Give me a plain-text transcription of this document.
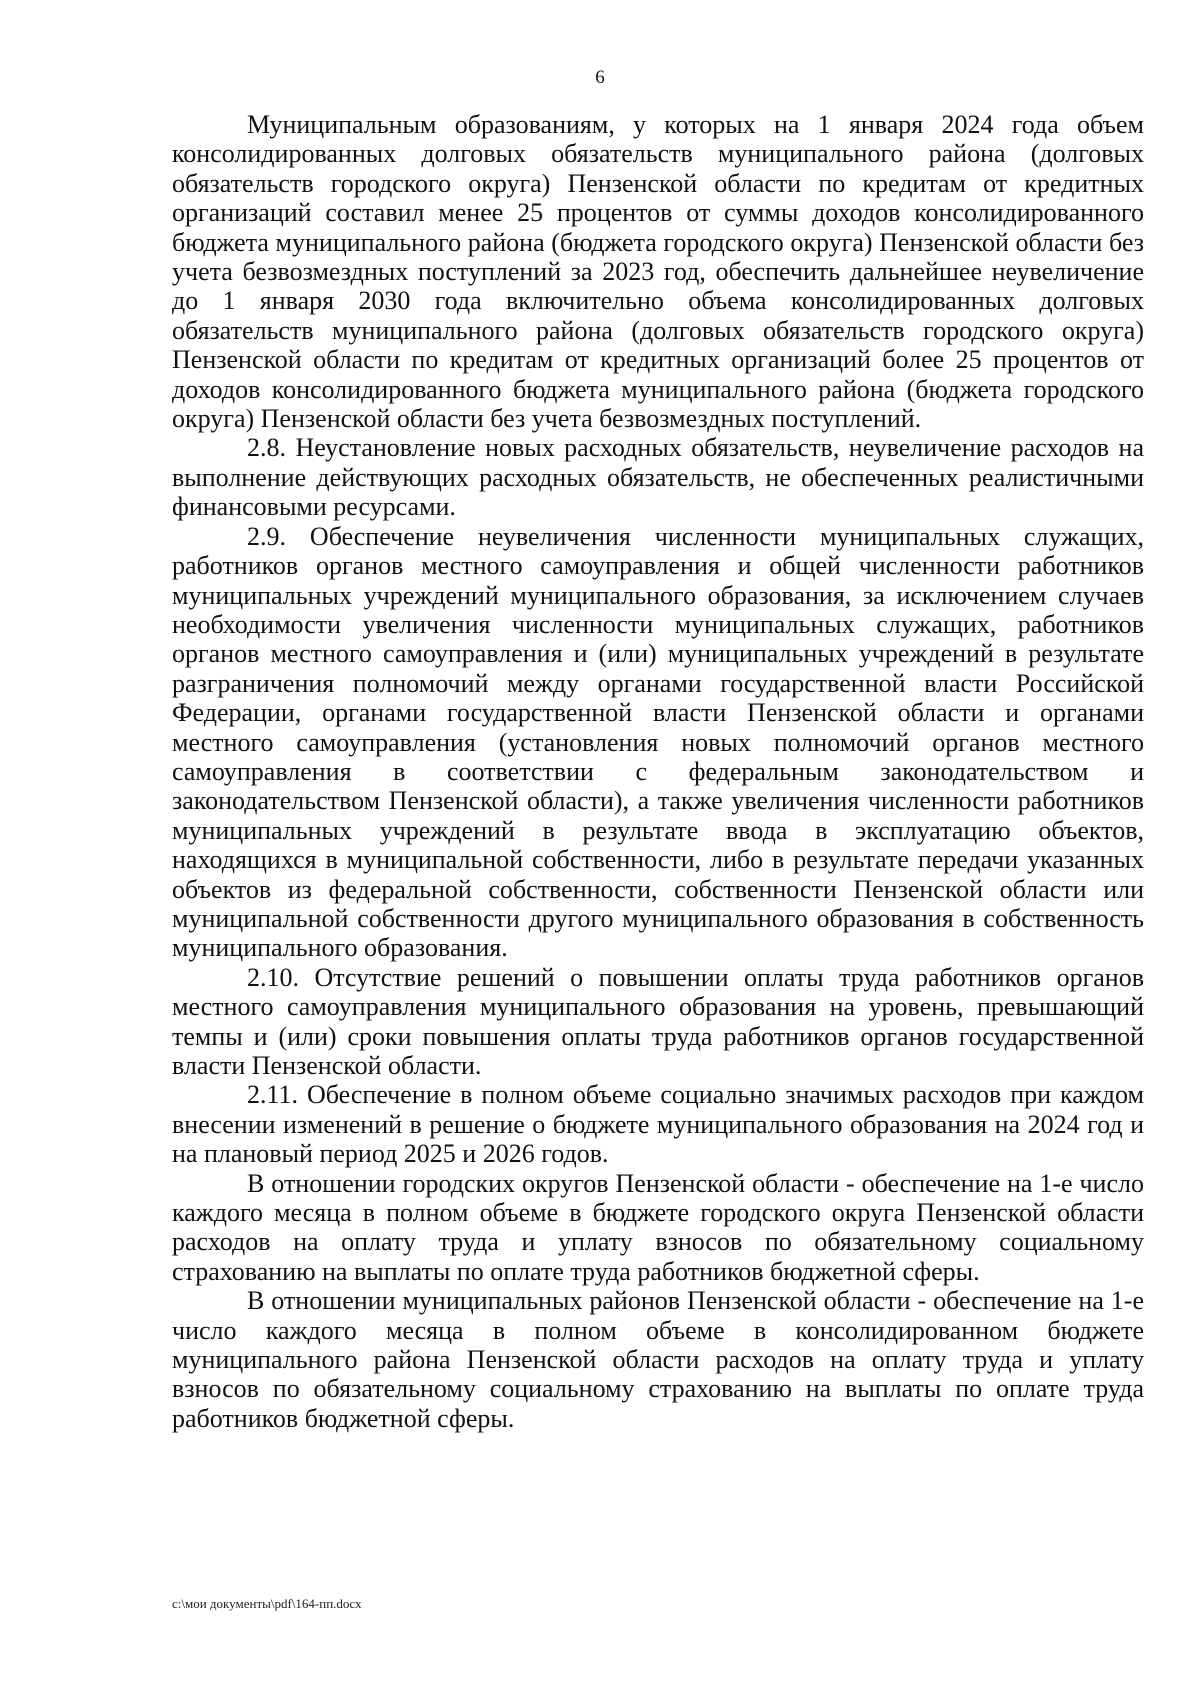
6

Муниципальным образованиям, у которых на 1 января 2024 года объем консолидированных долговых обязательств муниципального района (долговых обязательств городского округа) Пензенской области по кредитам от кредитных организаций составил менее 25 процентов от суммы доходов консолидированного бюджета муниципального района (бюджета городского округа) Пензенской области без учета безвозмездных поступлений за 2023 год, обеспечить дальнейшее неувеличение до 1 января 2030 года включительно объема консолидированных долговых обязательств муниципального района (долговых обязательств городского округа) Пензенской области по кредитам от кредитных организаций более 25 процентов от доходов консолидированного бюджета муниципального района (бюджета городского округа) Пензенской области без учета безвозмездных поступлений.

2.8. Неустановление новых расходных обязательств, неувеличение расходов на выполнение действующих расходных обязательств, не обеспеченных реалистичными финансовыми ресурсами.

2.9. Обеспечение неувеличения численности муниципальных служащих, работников органов местного самоуправления и общей численности работников муниципальных учреждений муниципального образования, за исключением случаев необходимости увеличения численности муниципальных служащих, работников органов местного самоуправления и (или) муниципальных учреждений в результате разграничения полномочий между органами государственной власти Российской Федерации, органами государственной власти Пензенской области и органами местного самоуправления (установления новых полномочий органов местного самоуправления в соответствии с федеральным законодательством и законодательством Пензенской области), а также увеличения численности работников муниципальных учреждений в результате ввода в эксплуатацию объектов, находящихся в муниципальной собственности, либо в результате передачи указанных объектов из федеральной собственности, собственности Пензенской области или муниципальной собственности другого муниципального образования в собственность муниципального образования.

2.10. Отсутствие решений о повышении оплаты труда работников органов местного самоуправления муниципального образования на уровень, превышающий темпы и (или) сроки повышения оплаты труда работников органов государственной власти Пензенской области.

2.11. Обеспечение в полном объеме социально значимых расходов при каждом внесении изменений в решение о бюджете муниципального образования на 2024 год и на плановый период 2025 и 2026 годов.

В отношении городских округов Пензенской области - обеспечение на 1-е число каждого месяца в полном объеме в бюджете городского округа Пензенской области расходов на оплату труда и уплату взносов по обязательному социальному страхованию на выплаты по оплате труда работников бюджетной сферы.

В отношении муниципальных районов Пензенской области - обеспечение на 1-е число каждого месяца в полном объеме в консолидированном бюджете муниципального района Пензенской области расходов на оплату труда и уплату взносов по обязательному социальному страхованию на выплаты по оплате труда работников бюджетной сферы.

c:\мои документы\pdf\164-пп.docx
